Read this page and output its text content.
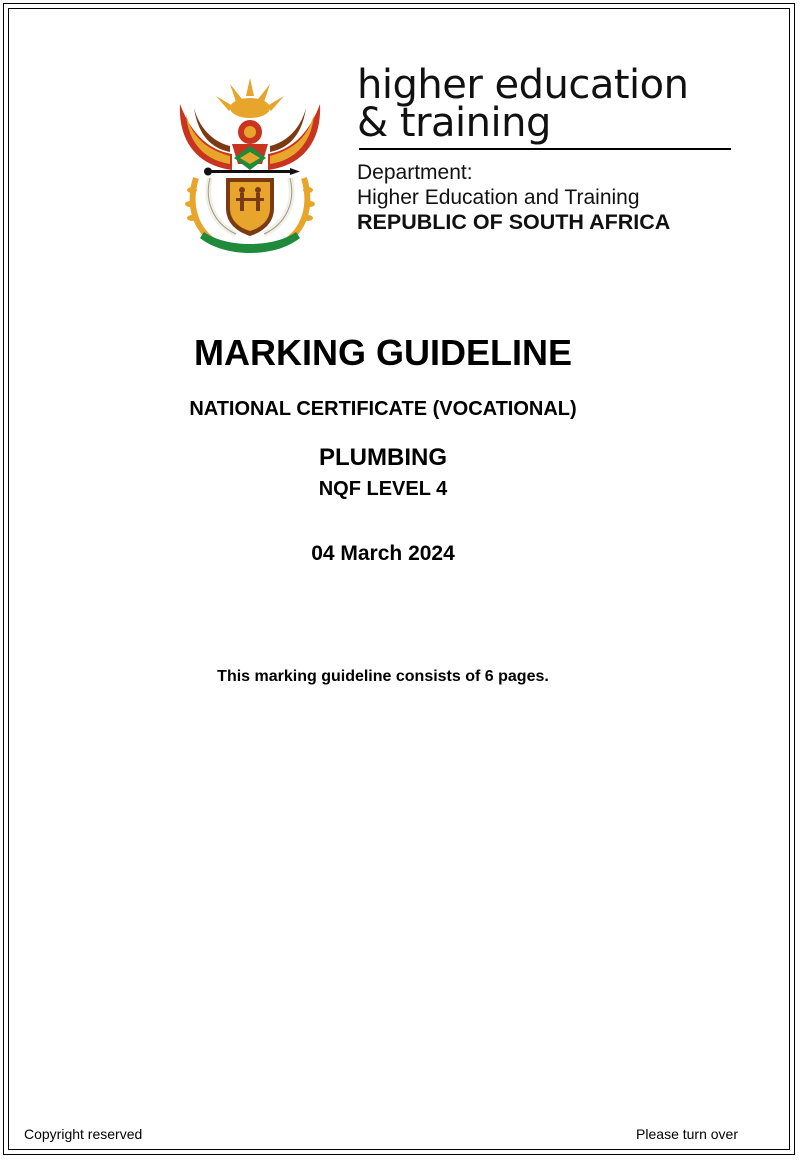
higher education
& training
Department:
Higher Education and Training
REPUBLIC OF SOUTH AFRICA
MARKING GUIDELINE
NATIONAL CERTIFICATE (VOCATIONAL)
PLUMBING
NQF LEVEL 4
04 March 2024
This marking guideline consists of 6 pages.
Copyright reserved	Please turn over
